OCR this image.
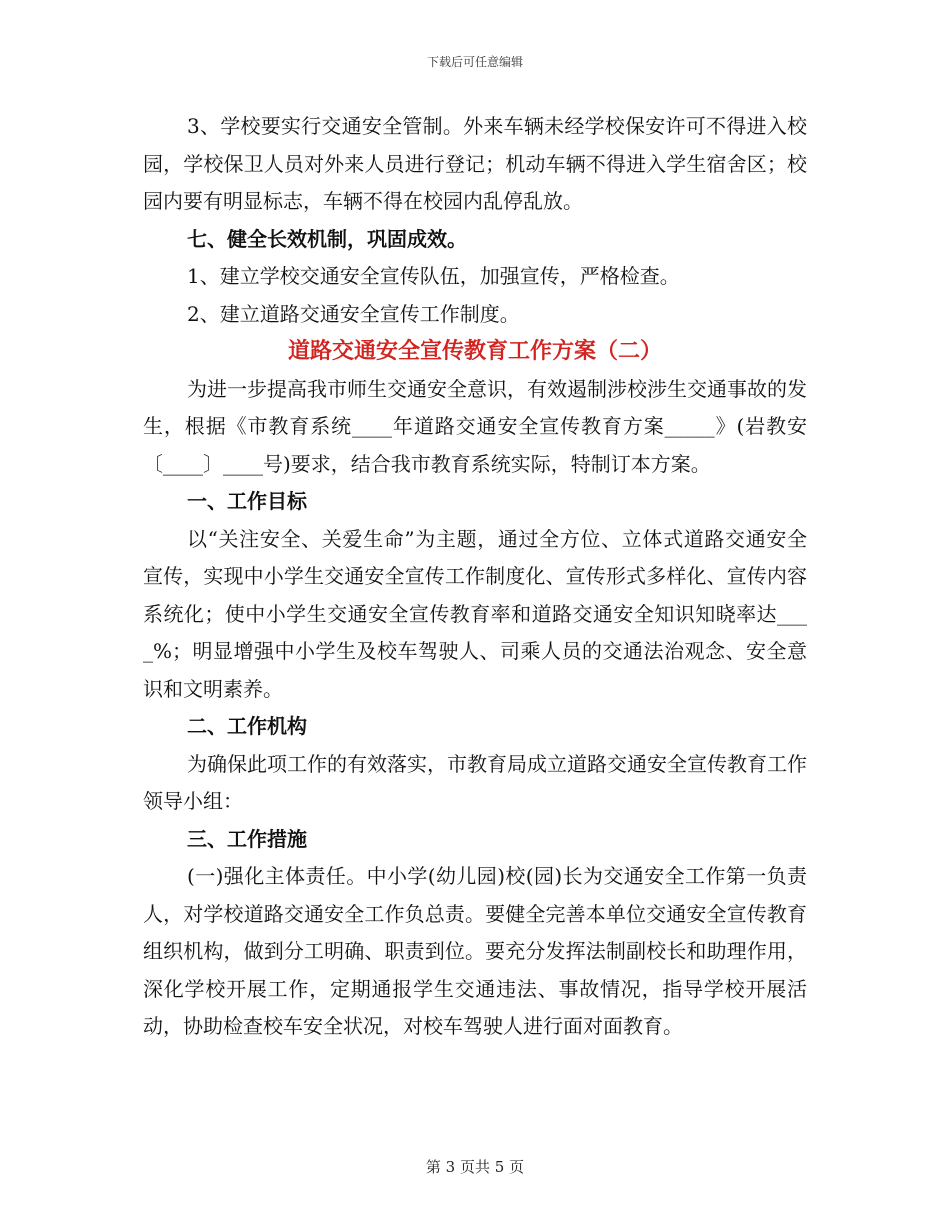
下载后可任意编辑

3、学校要实行交通安全管制。外来车辆未经学校保安许可不得进入校园，学校保卫人员对外来人员进行登记；机动车辆不得进入学生宿舍区；校园内要有明显标志，车辆不得在校园内乱停乱放。

七、健全长效机制，巩固成效。

1、建立学校交通安全宣传队伍，加强宣传，严格检查。

2、建立道路交通安全宣传工作制度。

道路交通安全宣传教育工作方案（二）

为进一步提高我市师生交通安全意识，有效遏制涉校涉生交通事故的发生，根据《市教育系统____年道路交通安全宣传教育方案_____》(岩教安〔____〕____号)要求，结合我市教育系统实际，特制订本方案。

一、工作目标

以“关注安全、关爱生命”为主题，通过全方位、立体式道路交通安全宣传，实现中小学生交通安全宣传工作制度化、宣传形式多样化、宣传内容系统化；使中小学生交通安全宣传教育率和道路交通安全知识知晓率达____%；明显增强中小学生及校车驾驶人、司乘人员的交通法治观念、安全意识和文明素养。

二、工作机构

为确保此项工作的有效落实，市教育局成立道路交通安全宣传教育工作领导小组：

三、工作措施

(一)强化主体责任。中小学(幼儿园)校(园)长为交通安全工作第一负责人，对学校道路交通安全工作负总责。要健全完善本单位交通安全宣传教育组织机构，做到分工明确、职责到位。要充分发挥法制副校长和助理作用，深化学校开展工作，定期通报学生交通违法、事故情况，指导学校开展活动，协助检查校车安全状况，对校车驾驶人进行面对面教育。

第 3 页共 5 页
